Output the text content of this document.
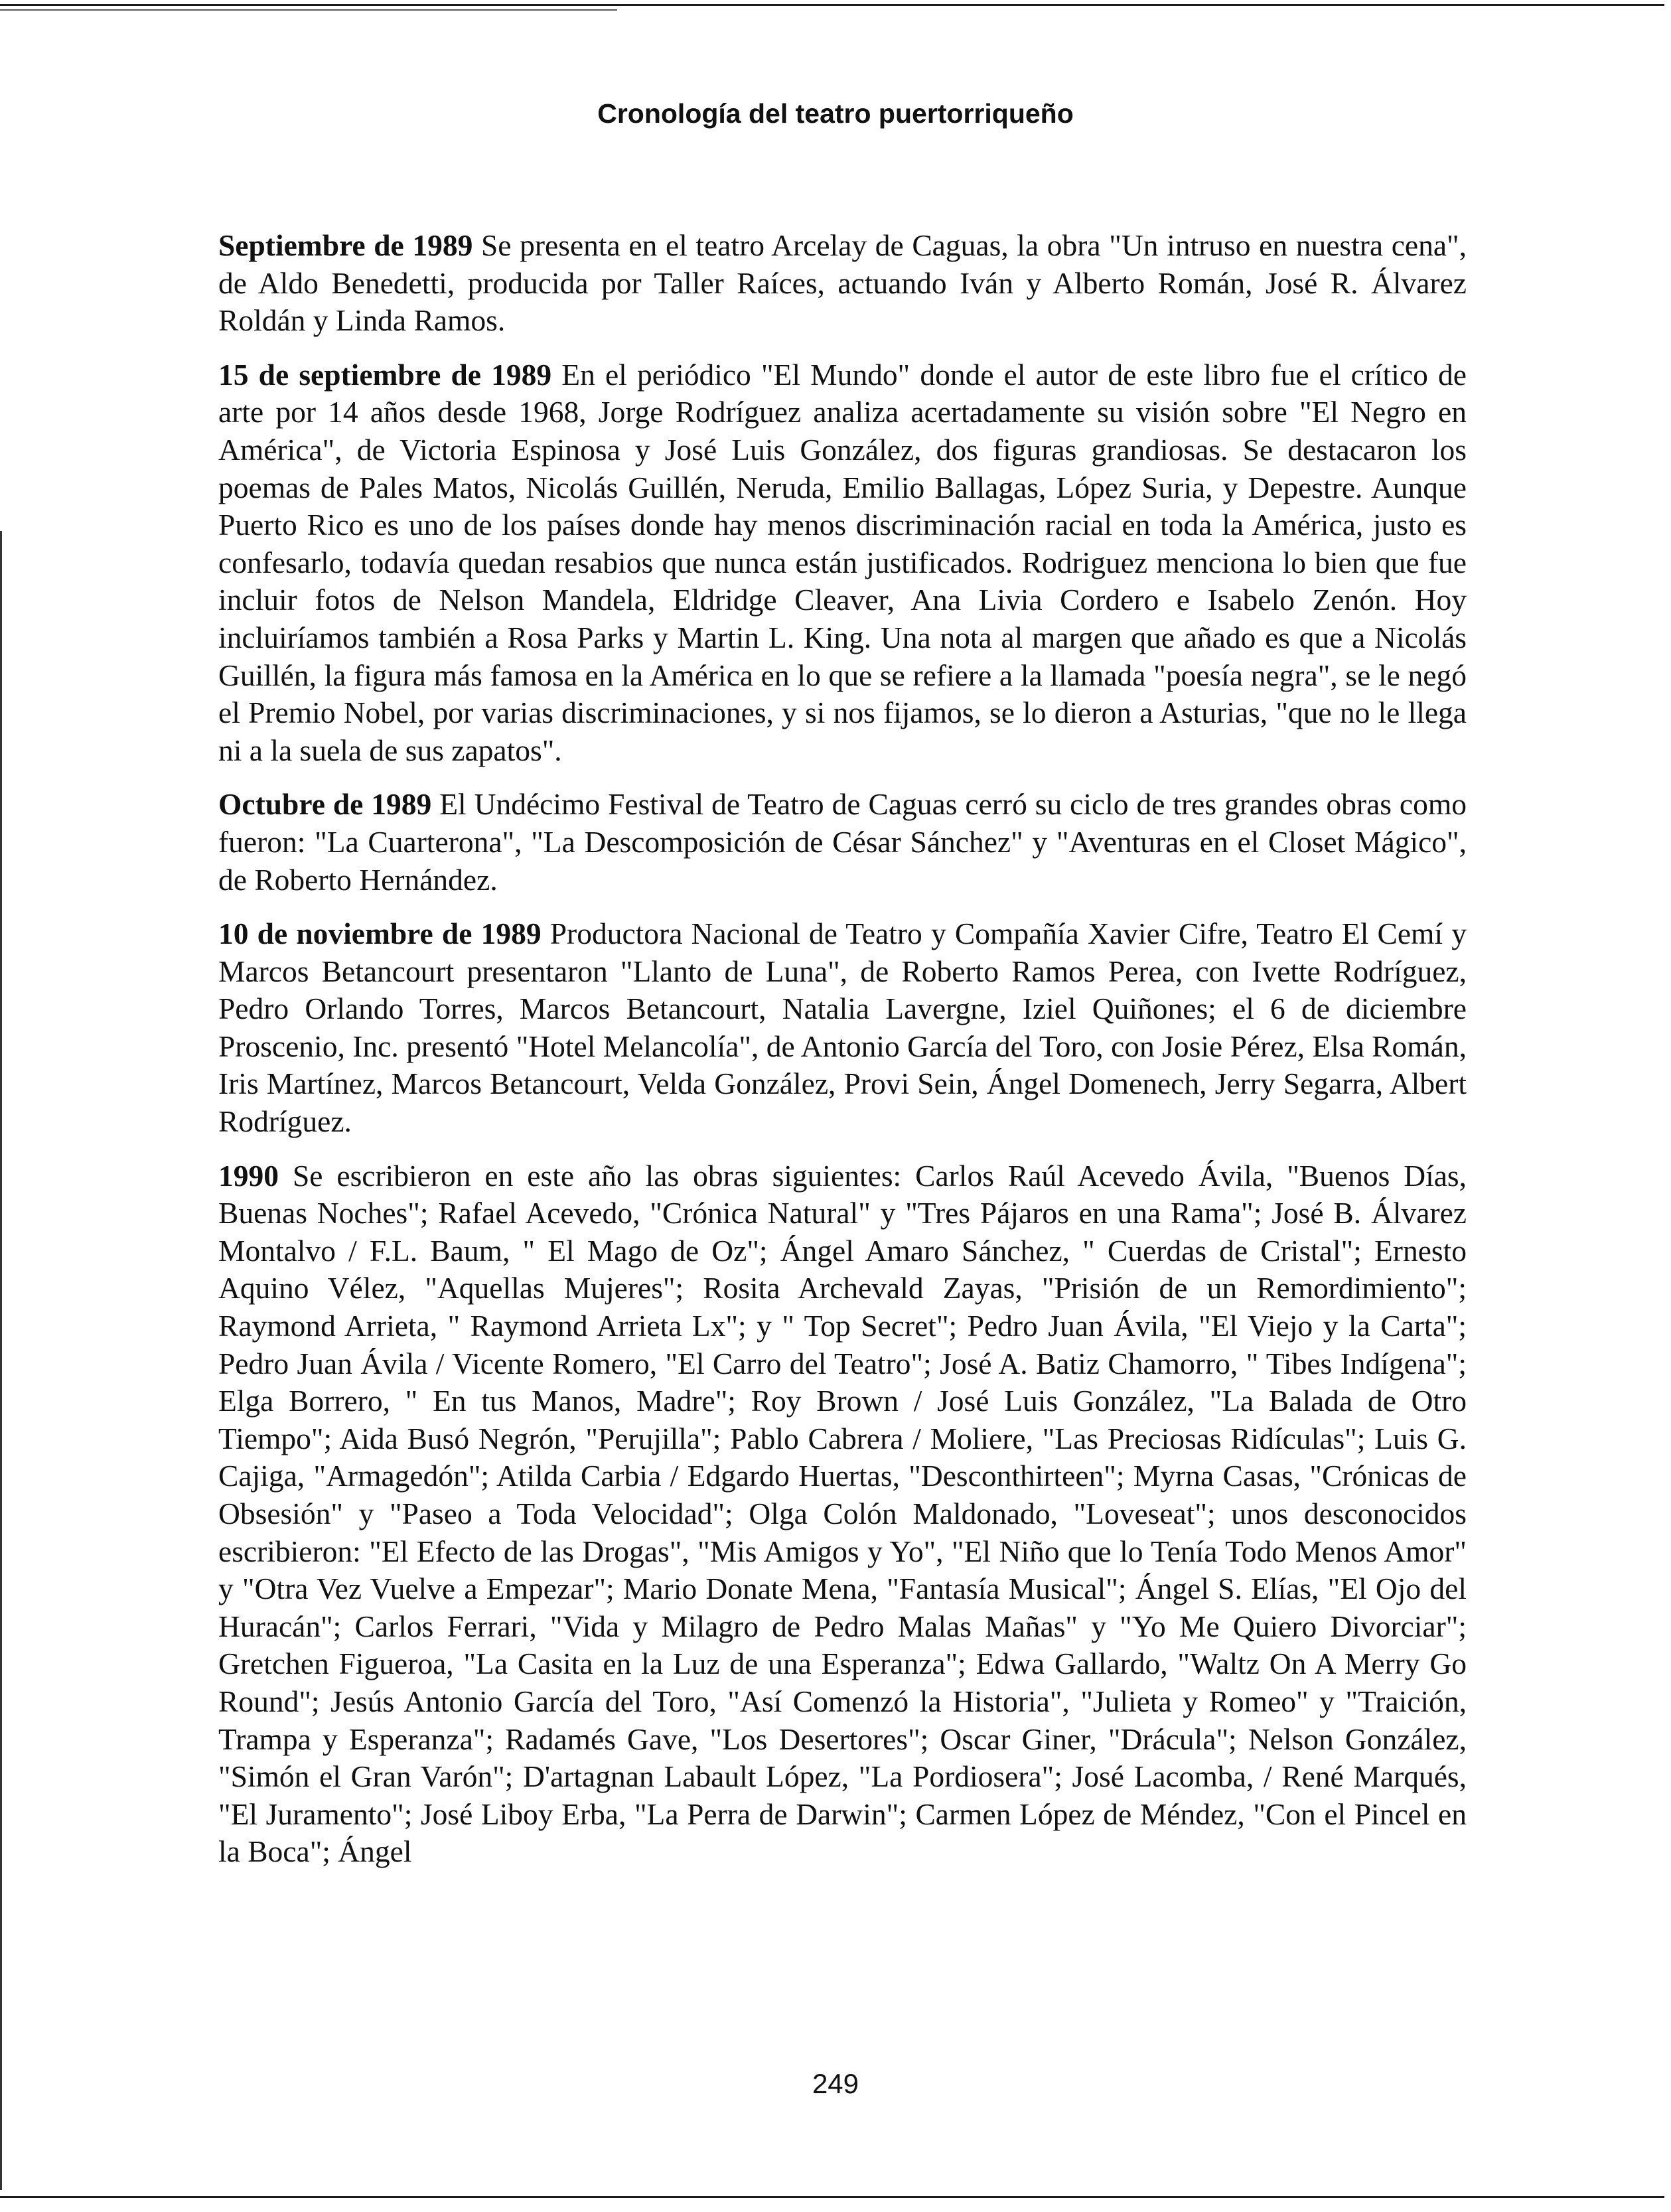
Cronología del teatro puertorriqueño

Septiembre de 1989 Se presenta en el teatro Arcelay de Caguas, la obra "Un intruso en nuestra cena", de Aldo Benedetti, producida por Taller Raíces, actuando Iván y Alberto Román, José R. Álvarez Roldán y Linda Ramos.

15 de septiembre de 1989 En el periódico "El Mundo" donde el autor de este libro fue el crítico de arte por 14 años desde 1968, Jorge Rodríguez analiza acertadamente su visión sobre "El Negro en América", de Victoria Espinosa y José Luis González, dos figuras grandiosas. Se destacaron los poemas de Pales Matos, Nicolás Guillén, Neruda, Emilio Ballagas, López Suria, y Depestre. Aunque Puerto Rico es uno de los países donde hay menos discriminación racial en toda la América, justo es confesarlo, todavía quedan resabios que nunca están justificados. Rodriguez menciona lo bien que fue incluir fotos de Nelson Mandela, Eldridge Cleaver, Ana Livia Cordero e Isabelo Zenón. Hoy incluiríamos también a Rosa Parks y Martin L. King. Una nota al margen que añado es que a Nicolás Guillén, la figura más famosa en la América en lo que se refiere a la llamada "poesía negra", se le negó el Premio Nobel, por varias discriminaciones, y si nos fijamos, se lo dieron a Asturias, "que no le llega ni a la suela de sus zapatos".

Octubre de 1989 El Undécimo Festival de Teatro de Caguas cerró su ciclo de tres grandes obras como fueron: "La Cuarterona", "La Descomposición de César Sánchez" y "Aventuras en el Closet Mágico", de Roberto Hernández.

10 de noviembre de 1989 Productora Nacional de Teatro y Compañía Xavier Cifre, Teatro El Cemí y Marcos Betancourt presentaron "Llanto de Luna", de Roberto Ramos Perea, con Ivette Rodríguez, Pedro Orlando Torres, Marcos Betancourt, Natalia Lavergne, Iziel Quiñones; el 6 de diciembre Proscenio, Inc. presentó "Hotel Melancolía", de Antonio García del Toro, con Josie Pérez, Elsa Román, Iris Martínez, Marcos Betancourt, Velda González, Provi Sein, Ángel Domenech, Jerry Segarra, Albert Rodríguez.

1990 Se escribieron en este año las obras siguientes: Carlos Raúl Acevedo Ávila, "Buenos Días, Buenas Noches"; Rafael Acevedo, "Crónica Natural" y "Tres Pájaros en una Rama"; José B. Álvarez Montalvo / F.L. Baum, " El Mago de Oz"; Ángel Amaro Sánchez, " Cuerdas de Cristal"; Ernesto Aquino Vélez, "Aquellas Mujeres"; Rosita Archevald Zayas, "Prisión de un Remordimiento"; Raymond Arrieta, " Raymond Arrieta Lx"; y " Top Secret"; Pedro Juan Ávila, "El Viejo y la Carta"; Pedro Juan Ávila / Vicente Romero, "El Carro del Teatro"; José A. Batiz Chamorro, " Tibes Indígena"; Elga Borrero, " En tus Manos, Madre"; Roy Brown / José Luis González, "La Balada de Otro Tiempo"; Aida Busó Negrón, "Perujilla"; Pablo Cabrera / Moliere, "Las Preciosas Ridículas"; Luis G. Cajiga, "Armagedón"; Atilda Carbia / Edgardo Huertas, "Desconthirteen"; Myrna Casas, "Crónicas de Obsesión" y "Paseo a Toda Velocidad"; Olga Colón Maldonado, "Loveseat"; unos desconocidos escribieron: "El Efecto de las Drogas", "Mis Amigos y Yo", "El Niño que lo Tenía Todo Menos Amor" y "Otra Vez Vuelve a Empezar"; Mario Donate Mena, "Fantasía Musical"; Ángel S. Elías, "El Ojo del Huracán"; Carlos Ferrari, "Vida y Milagro de Pedro Malas Mañas" y "Yo Me Quiero Divorciar"; Gretchen Figueroa, "La Casita en la Luz de una Esperanza"; Edwa Gallardo, "Waltz On A Merry Go Round"; Jesús Antonio García del Toro, "Así Comenzó la Historia", "Julieta y Romeo" y "Traición, Trampa y Esperanza"; Radamés Gave, "Los Desertores"; Oscar Giner, "Drácula"; Nelson González, "Simón el Gran Varón"; D'artagnan Labault López, "La Pordiosera"; José Lacomba, / René Marqués, "El Juramento"; José Liboy Erba, "La Perra de Darwin"; Carmen López de Méndez, "Con el Pincel en la Boca"; Ángel

249
